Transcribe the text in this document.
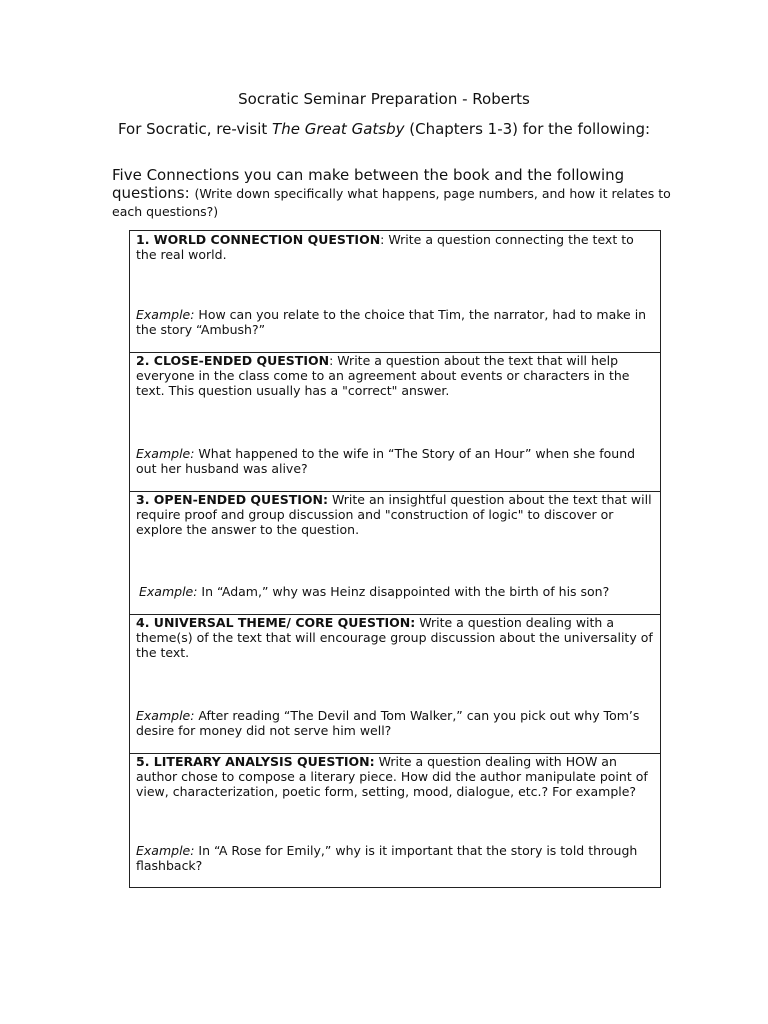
Socratic Seminar Preparation - Roberts
For Socratic, re-visit The Great Gatsby (Chapters 1-3) for the following:
Five Connections you can make between the book and the following questions: (Write down specifically what happens, page numbers, and how it relates to each questions?)
1. WORLD CONNECTION QUESTION: Write a question connecting the text to the real world.
Example: How can you relate to the choice that Tim, the narrator, had to make in the story “Ambush?”
2. CLOSE-ENDED QUESTION: Write a question about the text that will help everyone in the class come to an agreement about events or characters in the text. This question usually has a "correct" answer.
Example: What happened to the wife in “The Story of an Hour” when she found out her husband was alive?
3. OPEN-ENDED QUESTION: Write an insightful question about the text that will require proof and group discussion and "construction of logic" to discover or explore the answer to the question.
Example: In “Adam,” why was Heinz disappointed with the birth of his son?
4. UNIVERSAL THEME/ CORE QUESTION: Write a question dealing with a theme(s) of the text that will encourage group discussion about the universality of the text.
Example: After reading “The Devil and Tom Walker,” can you pick out why Tom’s desire for money did not serve him well?
5. LITERARY ANALYSIS QUESTION: Write a question dealing with HOW an author chose to compose a literary piece. How did the author manipulate point of view, characterization, poetic form, setting, mood, dialogue, etc.? For example?
Example: In “A Rose for Emily,” why is it important that the story is told through flashback?
